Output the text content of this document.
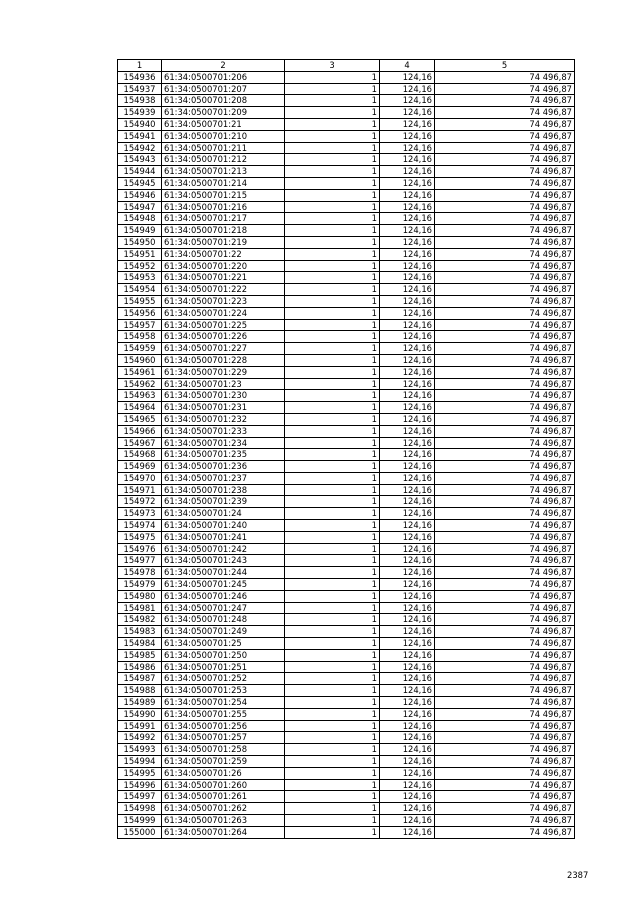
1	2	3	4	5
154936	61:34:0500701:206	1	124,16	74 496,87
154937	61:34:0500701:207	1	124,16	74 496,87
154938	61:34:0500701:208	1	124,16	74 496,87
154939	61:34:0500701:209	1	124,16	74 496,87
154940	61:34:0500701:21	1	124,16	74 496,87
154941	61:34:0500701:210	1	124,16	74 496,87
154942	61:34:0500701:211	1	124,16	74 496,87
154943	61:34:0500701:212	1	124,16	74 496,87
154944	61:34:0500701:213	1	124,16	74 496,87
154945	61:34:0500701:214	1	124,16	74 496,87
154946	61:34:0500701:215	1	124,16	74 496,87
154947	61:34:0500701:216	1	124,16	74 496,87
154948	61:34:0500701:217	1	124,16	74 496,87
154949	61:34:0500701:218	1	124,16	74 496,87
154950	61:34:0500701:219	1	124,16	74 496,87
154951	61:34:0500701:22	1	124,16	74 496,87
154952	61:34:0500701:220	1	124,16	74 496,87
154953	61:34:0500701:221	1	124,16	74 496,87
154954	61:34:0500701:222	1	124,16	74 496,87
154955	61:34:0500701:223	1	124,16	74 496,87
154956	61:34:0500701:224	1	124,16	74 496,87
154957	61:34:0500701:225	1	124,16	74 496,87
154958	61:34:0500701:226	1	124,16	74 496,87
154959	61:34:0500701:227	1	124,16	74 496,87
154960	61:34:0500701:228	1	124,16	74 496,87
154961	61:34:0500701:229	1	124,16	74 496,87
154962	61:34:0500701:23	1	124,16	74 496,87
154963	61:34:0500701:230	1	124,16	74 496,87
154964	61:34:0500701:231	1	124,16	74 496,87
154965	61:34:0500701:232	1	124,16	74 496,87
154966	61:34:0500701:233	1	124,16	74 496,87
154967	61:34:0500701:234	1	124,16	74 496,87
154968	61:34:0500701:235	1	124,16	74 496,87
154969	61:34:0500701:236	1	124,16	74 496,87
154970	61:34:0500701:237	1	124,16	74 496,87
154971	61:34:0500701:238	1	124,16	74 496,87
154972	61:34:0500701:239	1	124,16	74 496,87
154973	61:34:0500701:24	1	124,16	74 496,87
154974	61:34:0500701:240	1	124,16	74 496,87
154975	61:34:0500701:241	1	124,16	74 496,87
154976	61:34:0500701:242	1	124,16	74 496,87
154977	61:34:0500701:243	1	124,16	74 496,87
154978	61:34:0500701:244	1	124,16	74 496,87
154979	61:34:0500701:245	1	124,16	74 496,87
154980	61:34:0500701:246	1	124,16	74 496,87
154981	61:34:0500701:247	1	124,16	74 496,87
154982	61:34:0500701:248	1	124,16	74 496,87
154983	61:34:0500701:249	1	124,16	74 496,87
154984	61:34:0500701:25	1	124,16	74 496,87
154985	61:34:0500701:250	1	124,16	74 496,87
154986	61:34:0500701:251	1	124,16	74 496,87
154987	61:34:0500701:252	1	124,16	74 496,87
154988	61:34:0500701:253	1	124,16	74 496,87
154989	61:34:0500701:254	1	124,16	74 496,87
154990	61:34:0500701:255	1	124,16	74 496,87
154991	61:34:0500701:256	1	124,16	74 496,87
154992	61:34:0500701:257	1	124,16	74 496,87
154993	61:34:0500701:258	1	124,16	74 496,87
154994	61:34:0500701:259	1	124,16	74 496,87
154995	61:34:0500701:26	1	124,16	74 496,87
154996	61:34:0500701:260	1	124,16	74 496,87
154997	61:34:0500701:261	1	124,16	74 496,87
154998	61:34:0500701:262	1	124,16	74 496,87
154999	61:34:0500701:263	1	124,16	74 496,87
155000	61:34:0500701:264	1	124,16	74 496,87
2387
